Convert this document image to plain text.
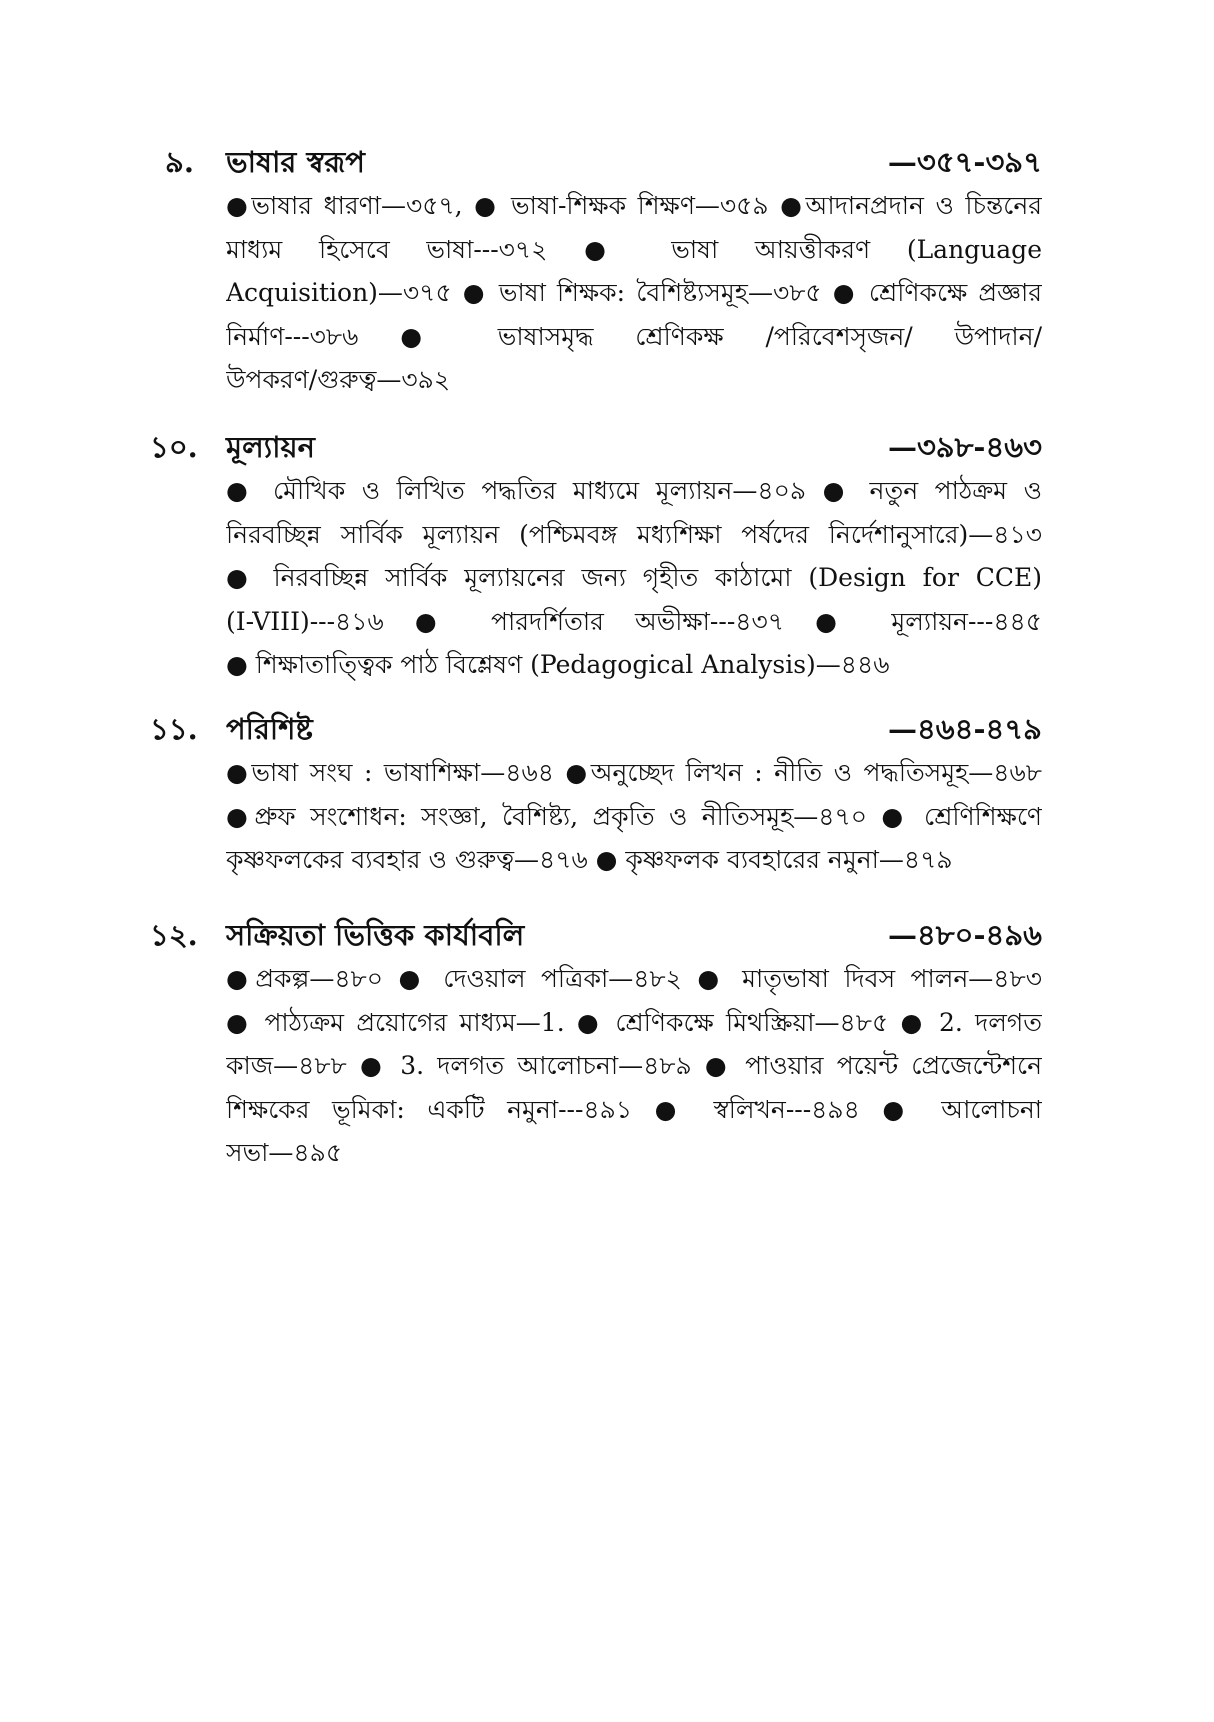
৯. ভাষার স্বরূপ	—৩৫৭-৩৯৭
●ভাষার ধারণা—৩৫৭, ● ভাষা-শিক্ষক শিক্ষণ—৩৫৯ ●আদানপ্রদান ও চিন্তনের
মাধ্যম হিসেবে ভাষা---৩৭২ ● ভাষা আয়ত্তীকরণ (Language
Acquisition)—৩৭৫ ● ভাষা শিক্ষক: বৈশিষ্ট্যসমূহ—৩৮৫ ● শ্রেণিকক্ষে প্রজ্ঞার
নির্মাণ---৩৮৬ ● ভাষাসমৃদ্ধ শ্রেণিকক্ষ /পরিবেশসৃজন/ উপাদান/
উপকরণ/গুরুত্ব—৩৯২
১০. মূল্যায়ন	—৩৯৮-৪৬৩
● মৌখিক ও লিখিত পদ্ধতির মাধ্যমে মূল্যায়ন—৪০৯ ● নতুন পাঠক্রম ও
নিরবচ্ছিন্ন সার্বিক মূল্যায়ন (পশ্চিমবঙ্গ মধ্যশিক্ষা পর্ষদের নির্দেশানুসারে)—৪১৩
● নিরবচ্ছিন্ন সার্বিক মূল্যায়নের জন্য গৃহীত কাঠামো (Design for CCE)
(I-VIII)---৪১৬ ● পারদর্শিতার অভীক্ষা---৪৩৭ ● মূল্যায়ন---৪৪৫
● শিক্ষাতাত্ত্বিক পাঠ বিশ্লেষণ (Pedagogical Analysis)—৪৪৬
১১. পরিশিষ্ট	—৪৬৪-৪৭৯
●ভাষা সংঘ : ভাষাশিক্ষা—৪৬৪ ●অনুচ্ছেদ লিখন : নীতি ও পদ্ধতিসমূহ—৪৬৮
●প্রুফ সংশোধন: সংজ্ঞা, বৈশিষ্ট্য, প্রকৃতি ও নীতিসমূহ—৪৭০ ● শ্রেণিশিক্ষণে
কৃষ্ণফলকের ব্যবহার ও গুরুত্ব—৪৭৬ ● কৃষ্ণফলক ব্যবহারের নমুনা—৪৭৯
১২. সক্রিয়তা ভিত্তিক কার্যাবলি	—৪৮০-৪৯৬
●প্রকল্প—৪৮০ ● দেওয়াল পত্রিকা—৪৮২ ● মাতৃভাষা দিবস পালন—৪৮৩
● পাঠ্যক্রম প্রয়োগের মাধ্যম—1. ● শ্রেণিকক্ষে মিথস্ক্রিয়া—৪৮৫ ● 2. দলগত
কাজ—৪৮৮ ● 3. দলগত আলোচনা—৪৮৯ ● পাওয়ার পয়েন্ট প্রেজেন্টেশনে
শিক্ষকের ভূমিকা: একটি নমুনা---৪৯১ ● স্বলিখন---৪৯৪ ● আলোচনা
সভা—৪৯৫
